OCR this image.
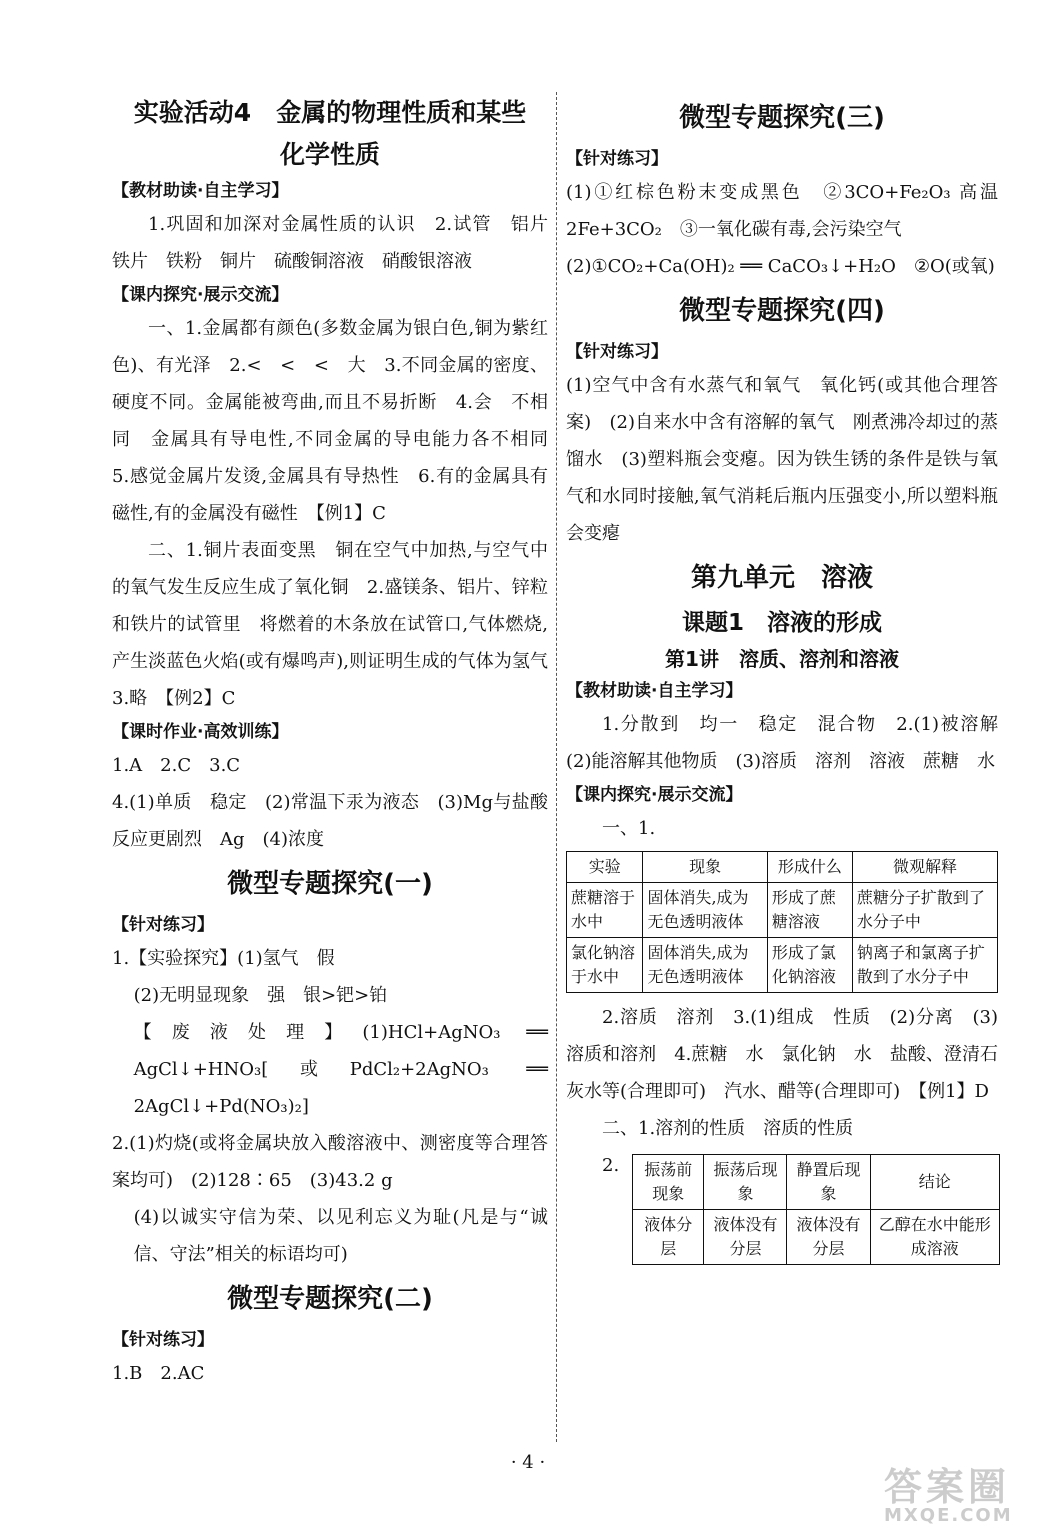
实验活动4　金属的物理性质和某些
化学性质
【教材助读·自主学习】
1.巩固和加深对金属性质的认识　2.试管　铝片　铁片　铁粉　铜片　硫酸铜溶液　硝酸银溶液
【课内探究·展示交流】
一、1.金属都有颜色(多数金属为银白色,铜为紫红色)、有光泽　2.<　<　<　大　3.不同金属的密度、硬度不同。金属能被弯曲,而且不易折断　4.会　不相同　金属具有导电性,不同金属的导电能力各不相同　5.感觉金属片发烫,金属具有导热性　6.有的金属具有磁性,有的金属没有磁性　【例1】C
二、1.铜片表面变黑　铜在空气中加热,与空气中的氧气发生反应生成了氧化铜　2.盛镁条、铝片、锌粒和铁片的试管里　将燃着的木条放在试管口,气体燃烧,产生淡蓝色火焰(或有爆鸣声),则证明生成的气体为氢气　3.略　【例2】C
【课时作业·高效训练】
1.A　2.C　3.C
4.(1)单质　稳定　(2)常温下汞为液态　(3)Mg与盐酸反应更剧烈　Ag　(4)浓度
微型专题探究(一)
【针对练习】
1.【实验探究】(1)氢气　假
(2)无明显现象　强　银>钯>铂
【废液处理】(1)HCl+AgNO₃ ══ AgCl↓+HNO₃[或PdCl₂+2AgNO₃ ══ 2AgCl↓+Pd(NO₃)₂]
2.(1)灼烧(或将金属块放入酸溶液中、测密度等合理答案均可)　(2)128∶65　(3)43.2 g
(4)以诚实守信为荣、以见利忘义为耻(凡是与“诚信、守法”相关的标语均可)
微型专题探究(二)
【针对练习】
1.B　2.AC
微型专题探究(三)
【针对练习】
(1)①红棕色粉末变成黑色　②3CO+Fe₂O₃ 高温 2Fe+3CO₂　③一氧化碳有毒,会污染空气
(2)①CO₂+Ca(OH)₂ ══ CaCO₃↓+H₂O　②O(或氧)
微型专题探究(四)
【针对练习】
(1)空气中含有水蒸气和氧气　氧化钙(或其他合理答案)　(2)自来水中含有溶解的氧气　刚煮沸冷却过的蒸馏水　(3)塑料瓶会变瘪。因为铁生锈的条件是铁与氧气和水同时接触,氧气消耗后瓶内压强变小,所以塑料瓶会变瘪
第九单元　溶液
课题1　溶液的形成
第1讲　溶质、溶剂和溶液
【教材助读·自主学习】
1.分散到　均一　稳定　混合物　2.(1)被溶解　(2)能溶解其他物质　(3)溶质　溶剂　溶液　蔗糖　水
【课内探究·展示交流】
一、1.
实验	现象	形成什么	微观解释
蔗糖溶于水中	固体消失,成为无色透明液体	形成了蔗糖溶液	蔗糖分子扩散到了水分子中
氯化钠溶于水中	固体消失,成为无色透明液体	形成了氯化钠溶液	钠离子和氯离子扩散到了水分子中
2.溶质　溶剂　3.(1)组成　性质　(2)分离　(3)溶质和溶剂　4.蔗糖　水　氯化钠　水　盐酸、澄清石灰水等(合理即可)　汽水、醋等(合理即可)　【例1】D
二、1.溶剂的性质　溶质的性质
2.	振荡前现象	振荡后现象	静置后现象	结论
液体分层	液体没有分层	液体没有分层	乙醇在水中能形成溶液
· 4 ·
答案圈
MXQE.COM
